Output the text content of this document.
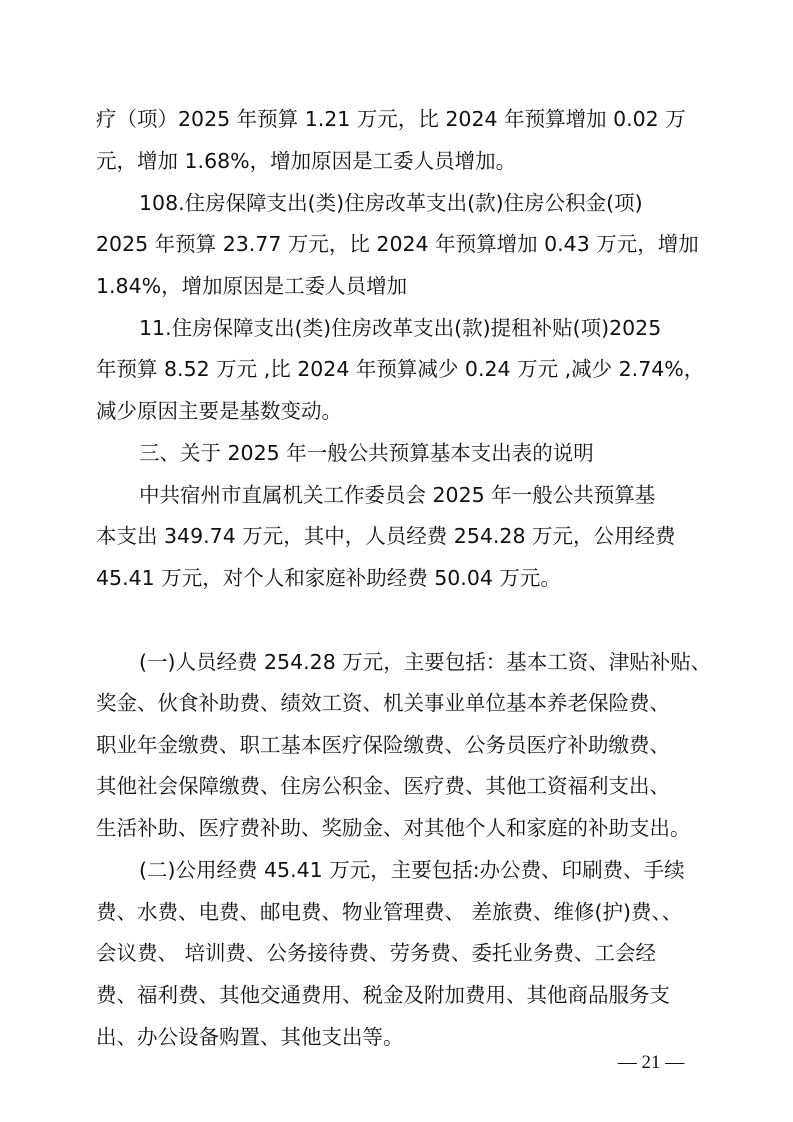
疗（项）2025 年预算 1.21 万元，比 2024 年预算增加 0.02 万
元，增加 1.68%，增加原因是工委人员增加。
108.住房保障支出(类)住房改革支出(款)住房公积金(项)
2025 年预算 23.77 万元，比 2024 年预算增加 0.43 万元，增加
1.84%，增加原因是工委人员增加
11.住房保障支出(类)住房改革支出(款)提租补贴(项)2025
年预算 8.52 万元 ,比 2024 年预算减少 0.24 万元 ,减少 2.74%，
减少原因主要是基数变动。
三、关于 2025 年一般公共预算基本支出表的说明
中共宿州市直属机关工作委员会 2025 年一般公共预算基
本支出 349.74 万元，其中，人员经费 254.28 万元，公用经费
45.41 万元，对个人和家庭补助经费 50.04 万元。
(一)人员经费 254.28 万元，主要包括：基本工资、津贴补贴、
奖金、伙食补助费、绩效工资、机关事业单位基本养老保险费、
职业年金缴费、职工基本医疗保险缴费、公务员医疗补助缴费、
其他社会保障缴费、住房公积金、医疗费、其他工资福利支出、
生活补助、医疗费补助、奖励金、对其他个人和家庭的补助支出。
(二)公用经费 45.41 万元，主要包括:办公费、印刷费、手续
费、水费、电费、邮电费、物业管理费、 差旅费、维修(护)费、、
会议费、 培训费、公务接待费、劳务费、委托业务费、工会经
费、福利费、其他交通费用、税金及附加费用、其他商品服务支
出、办公设备购置、其他支出等。
— 21 —
